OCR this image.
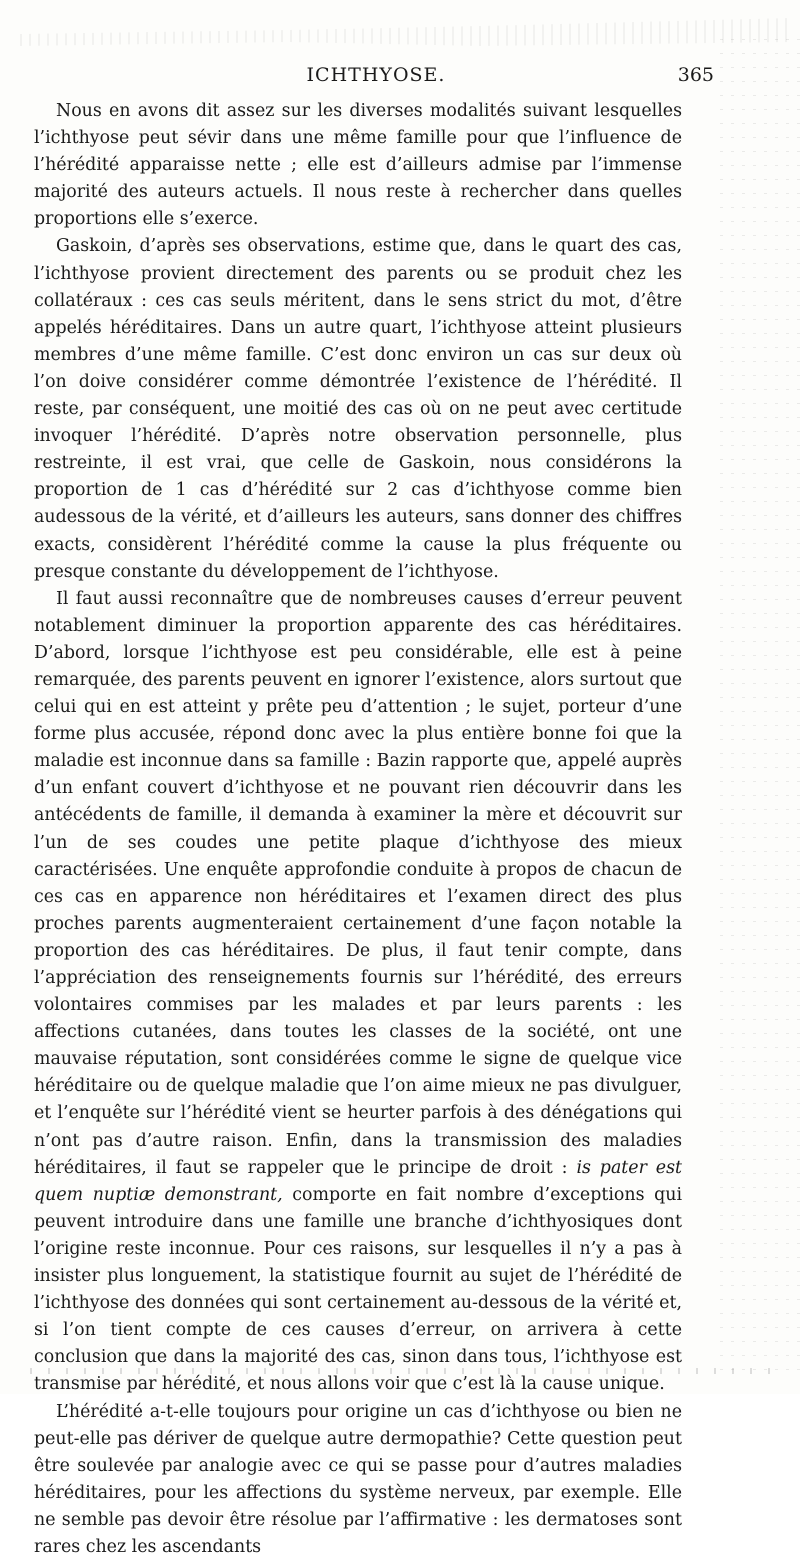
ICHTHYOSE.	365

Nous en avons dit assez sur les diverses modalités suivant lesquelles l’ichthyose peut sévir dans une même famille pour que l’influence de l’hérédité apparaisse nette ; elle est d’ailleurs admise par l’immense majorité des auteurs actuels. Il nous reste à rechercher dans quelles proportions elle s’exerce.

Gaskoin, d’après ses observations, estime que, dans le quart des cas, l’ichthyose provient directement des parents ou se produit chez les collatéraux : ces cas seuls méritent, dans le sens strict du mot, d’être appelés héréditaires. Dans un autre quart, l’ichthyose atteint plusieurs membres d’une même famille. C’est donc environ un cas sur deux où l’on doive considérer comme démontrée l’existence de l’hérédité. Il reste, par conséquent, une moitié des cas où on ne peut avec certitude invoquer l’hérédité. D’après notre observation personnelle, plus restreinte, il est vrai, que celle de Gaskoin, nous considérons la proportion de 1 cas d’hérédité sur 2 cas d’ichthyose comme bien audessous de la vérité, et d’ailleurs les auteurs, sans donner des chiffres exacts, considèrent l’hérédité comme la cause la plus fréquente ou presque constante du développement de l’ichthyose.

Il faut aussi reconnaître que de nombreuses causes d’erreur peuvent notablement diminuer la proportion apparente des cas héréditaires. D’abord, lorsque l’ichthyose est peu considérable, elle est à peine remarquée, des parents peuvent en ignorer l’existence, alors surtout que celui qui en est atteint y prête peu d’attention ; le sujet, porteur d’une forme plus accusée, répond donc avec la plus entière bonne foi que la maladie est inconnue dans sa famille : Bazin rapporte que, appelé auprès d’un enfant couvert d’ichthyose et ne pouvant rien découvrir dans les antécédents de famille, il demanda à examiner la mère et découvrit sur l’un de ses coudes une petite plaque d’ichthyose des mieux caractérisées. Une enquête approfondie conduite à propos de chacun de ces cas en apparence non héréditaires et l’examen direct des plus proches parents augmenteraient certainement d’une façon notable la proportion des cas héréditaires. De plus, il faut tenir compte, dans l’appréciation des renseignements fournis sur l’hérédité, des erreurs volontaires commises par les malades et par leurs parents : les affections cutanées, dans toutes les classes de la société, ont une mauvaise réputation, sont considérées comme le signe de quelque vice héréditaire ou de quelque maladie que l’on aime mieux ne pas divulguer, et l’enquête sur l’hérédité vient se heurter parfois à des dénégations qui n’ont pas d’autre raison. Enfin, dans la transmission des maladies héréditaires, il faut se rappeler que le principe de droit : is pater est quem nuptiæ demonstrant, comporte en fait nombre d’exceptions qui peuvent introduire dans une famille une branche d’ichthyosiques dont l’origine reste inconnue. Pour ces raisons, sur lesquelles il n’y a pas à insister plus longuement, la statistique fournit au sujet de l’hérédité de l’ichthyose des données qui sont certainement au-dessous de la vérité et, si l’on tient compte de ces causes d’erreur, on arrivera à cette conclusion que dans la majorité des cas, sinon dans tous, l’ichthyose est transmise par hérédité, et nous allons voir que c’est là la cause unique.

L’hérédité a-t-elle toujours pour origine un cas d’ichthyose ou bien ne peut-elle pas dériver de quelque autre dermopathie? Cette question peut être soulevée par analogie avec ce qui se passe pour d’autres maladies héréditaires, pour les affections du système nerveux, par exemple. Elle ne semble pas devoir être résolue par l’affirmative : les dermatoses sont rares chez les ascendants
